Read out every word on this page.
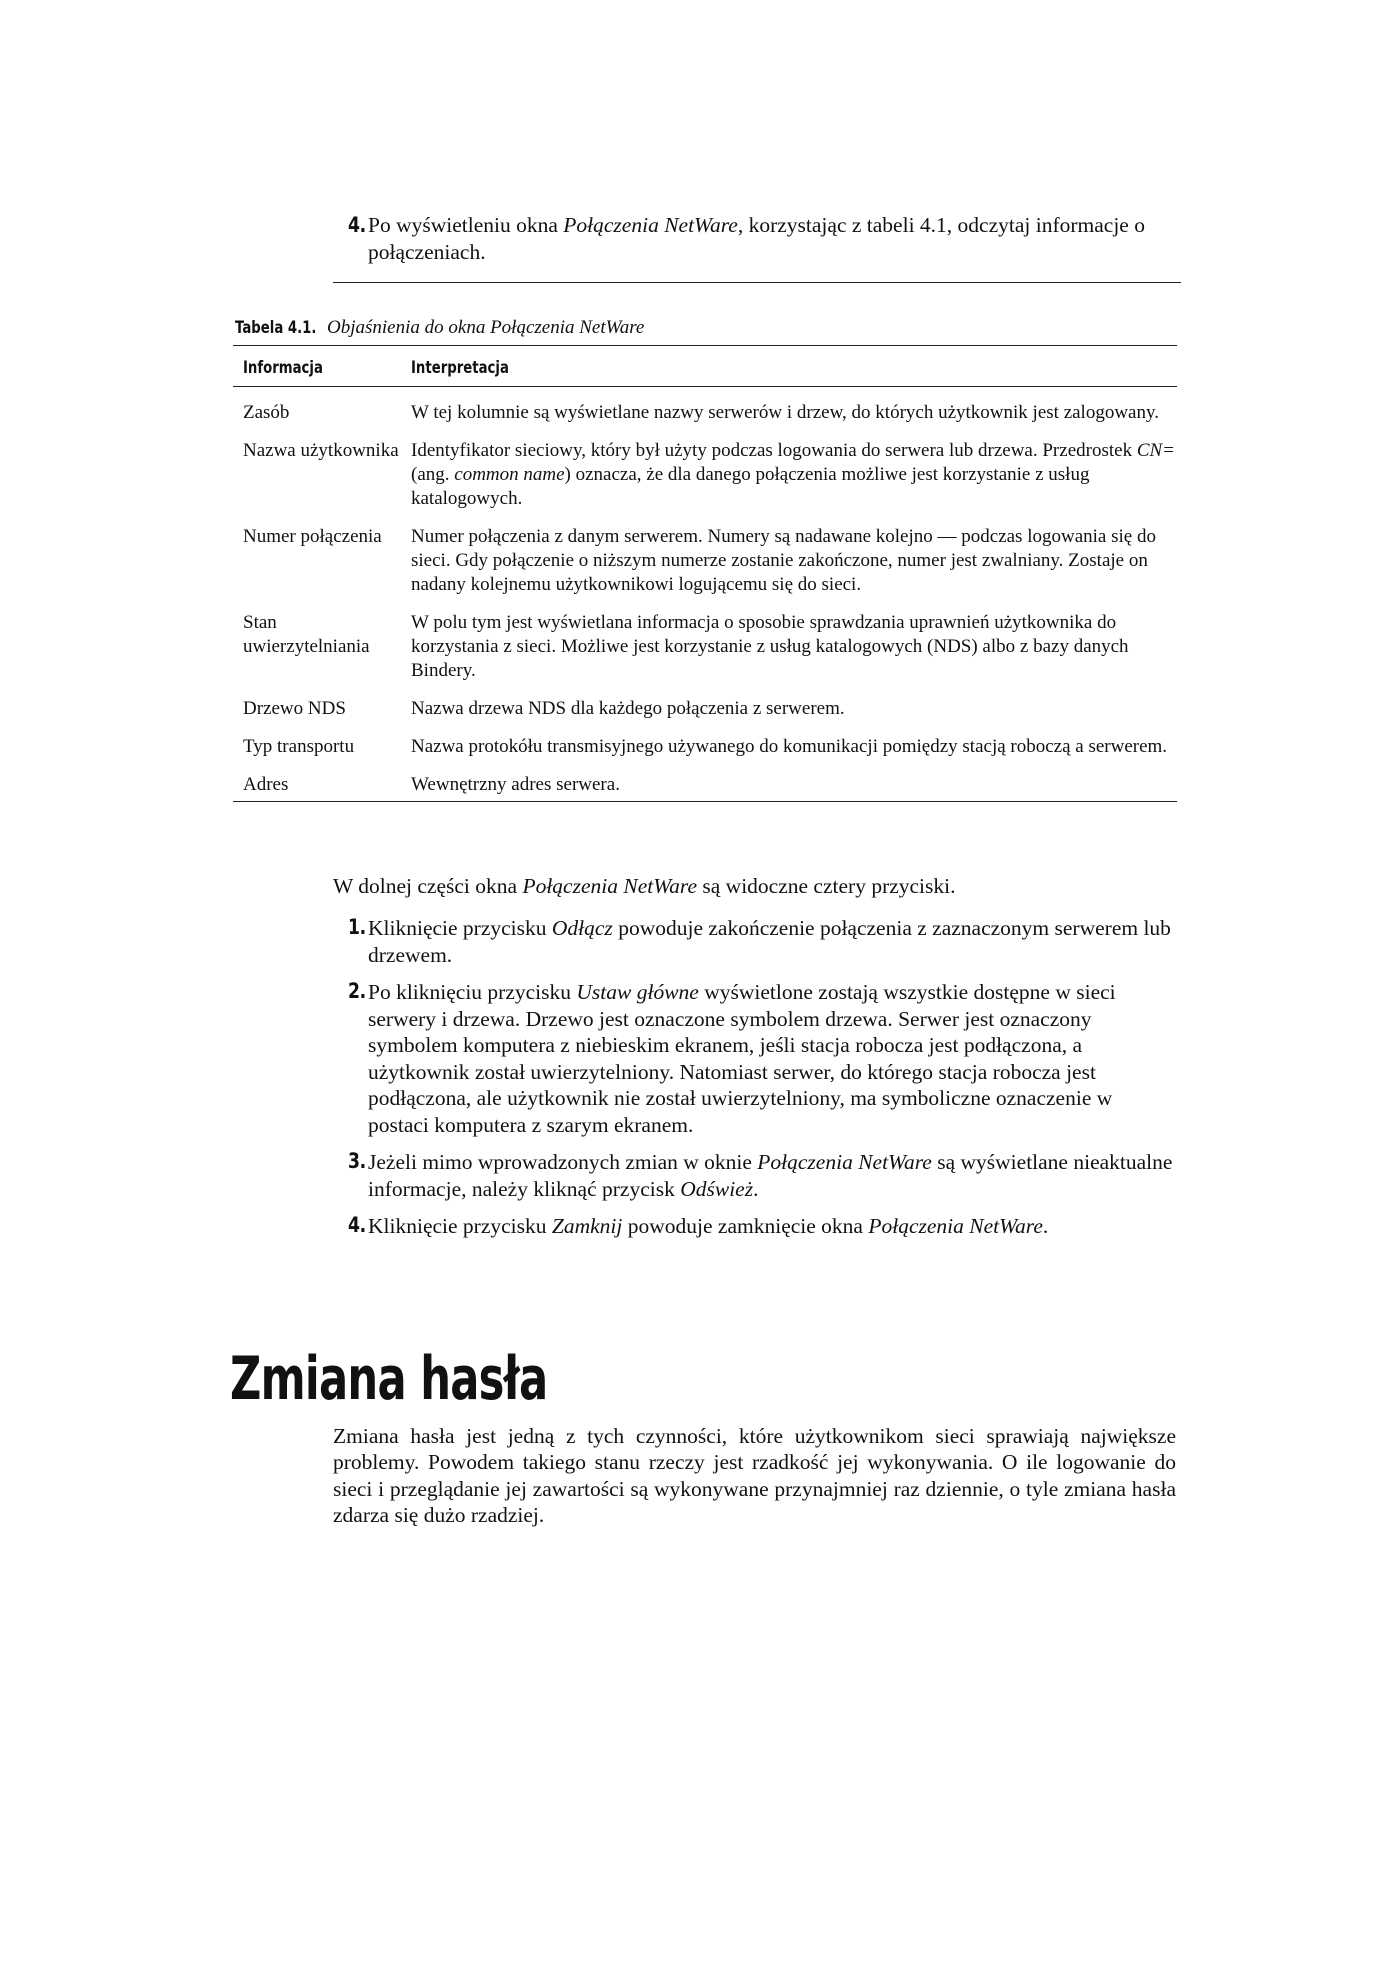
4. Po wyświetleniu okna Połączenia NetWare, korzystając z tabeli 4.1, odczytaj informacje o połączeniach.
Tabela 4.1. Objaśnienia do okna Połączenia NetWare
Informacja	Interpretacja
Zasób	W tej kolumnie są wyświetlane nazwy serwerów i drzew, do których użytkownik jest zalogowany.
Nazwa użytkownika	Identyfikator sieciowy, który był użyty podczas logowania do serwera lub drzewa. Przedrostek CN= (ang. common name) oznacza, że dla danego połączenia możliwe jest korzystanie z usług katalogowych.
Numer połączenia	Numer połączenia z danym serwerem. Numery są nadawane kolejno — podczas logowania się do sieci. Gdy połączenie o niższym numerze zostanie zakończone, numer jest zwalniany. Zostaje on nadany kolejnemu użytkownikowi logującemu się do sieci.
Stan uwierzytelniania	W polu tym jest wyświetlana informacja o sposobie sprawdzania uprawnień użytkownika do korzystania z sieci. Możliwe jest korzystanie z usług katalogowych (NDS) albo z bazy danych Bindery.
Drzewo NDS	Nazwa drzewa NDS dla każdego połączenia z serwerem.
Typ transportu	Nazwa protokółu transmisyjnego używanego do komunikacji pomiędzy stacją roboczą a serwerem.
Adres	Wewnętrzny adres serwera.
W dolnej części okna Połączenia NetWare są widoczne cztery przyciski.
1. Kliknięcie przycisku Odłącz powoduje zakończenie połączenia z zaznaczonym serwerem lub drzewem.
2. Po kliknięciu przycisku Ustaw główne wyświetlone zostają wszystkie dostępne w sieci serwery i drzewa. Drzewo jest oznaczone symbolem drzewa. Serwer jest oznaczony symbolem komputera z niebieskim ekranem, jeśli stacja robocza jest podłączona, a użytkownik został uwierzytelniony. Natomiast serwer, do którego stacja robocza jest podłączona, ale użytkownik nie został uwierzytelniony, ma symboliczne oznaczenie w postaci komputera z szarym ekranem.
3. Jeżeli mimo wprowadzonych zmian w oknie Połączenia NetWare są wyświetlane nieaktualne informacje, należy kliknąć przycisk Odśwież.
4. Kliknięcie przycisku Zamknij powoduje zamknięcie okna Połączenia NetWare.
Zmiana hasła

Zmiana hasła jest jedną z tych czynności, które użytkownikom sieci sprawiają największe problemy. Powodem takiego stanu rzeczy jest rzadkość jej wykonywania. O ile logowanie do sieci i przeglądanie jej zawartości są wykonywane przynajmniej raz dziennie, o tyle zmiana hasła zdarza się dużo rzadziej.
